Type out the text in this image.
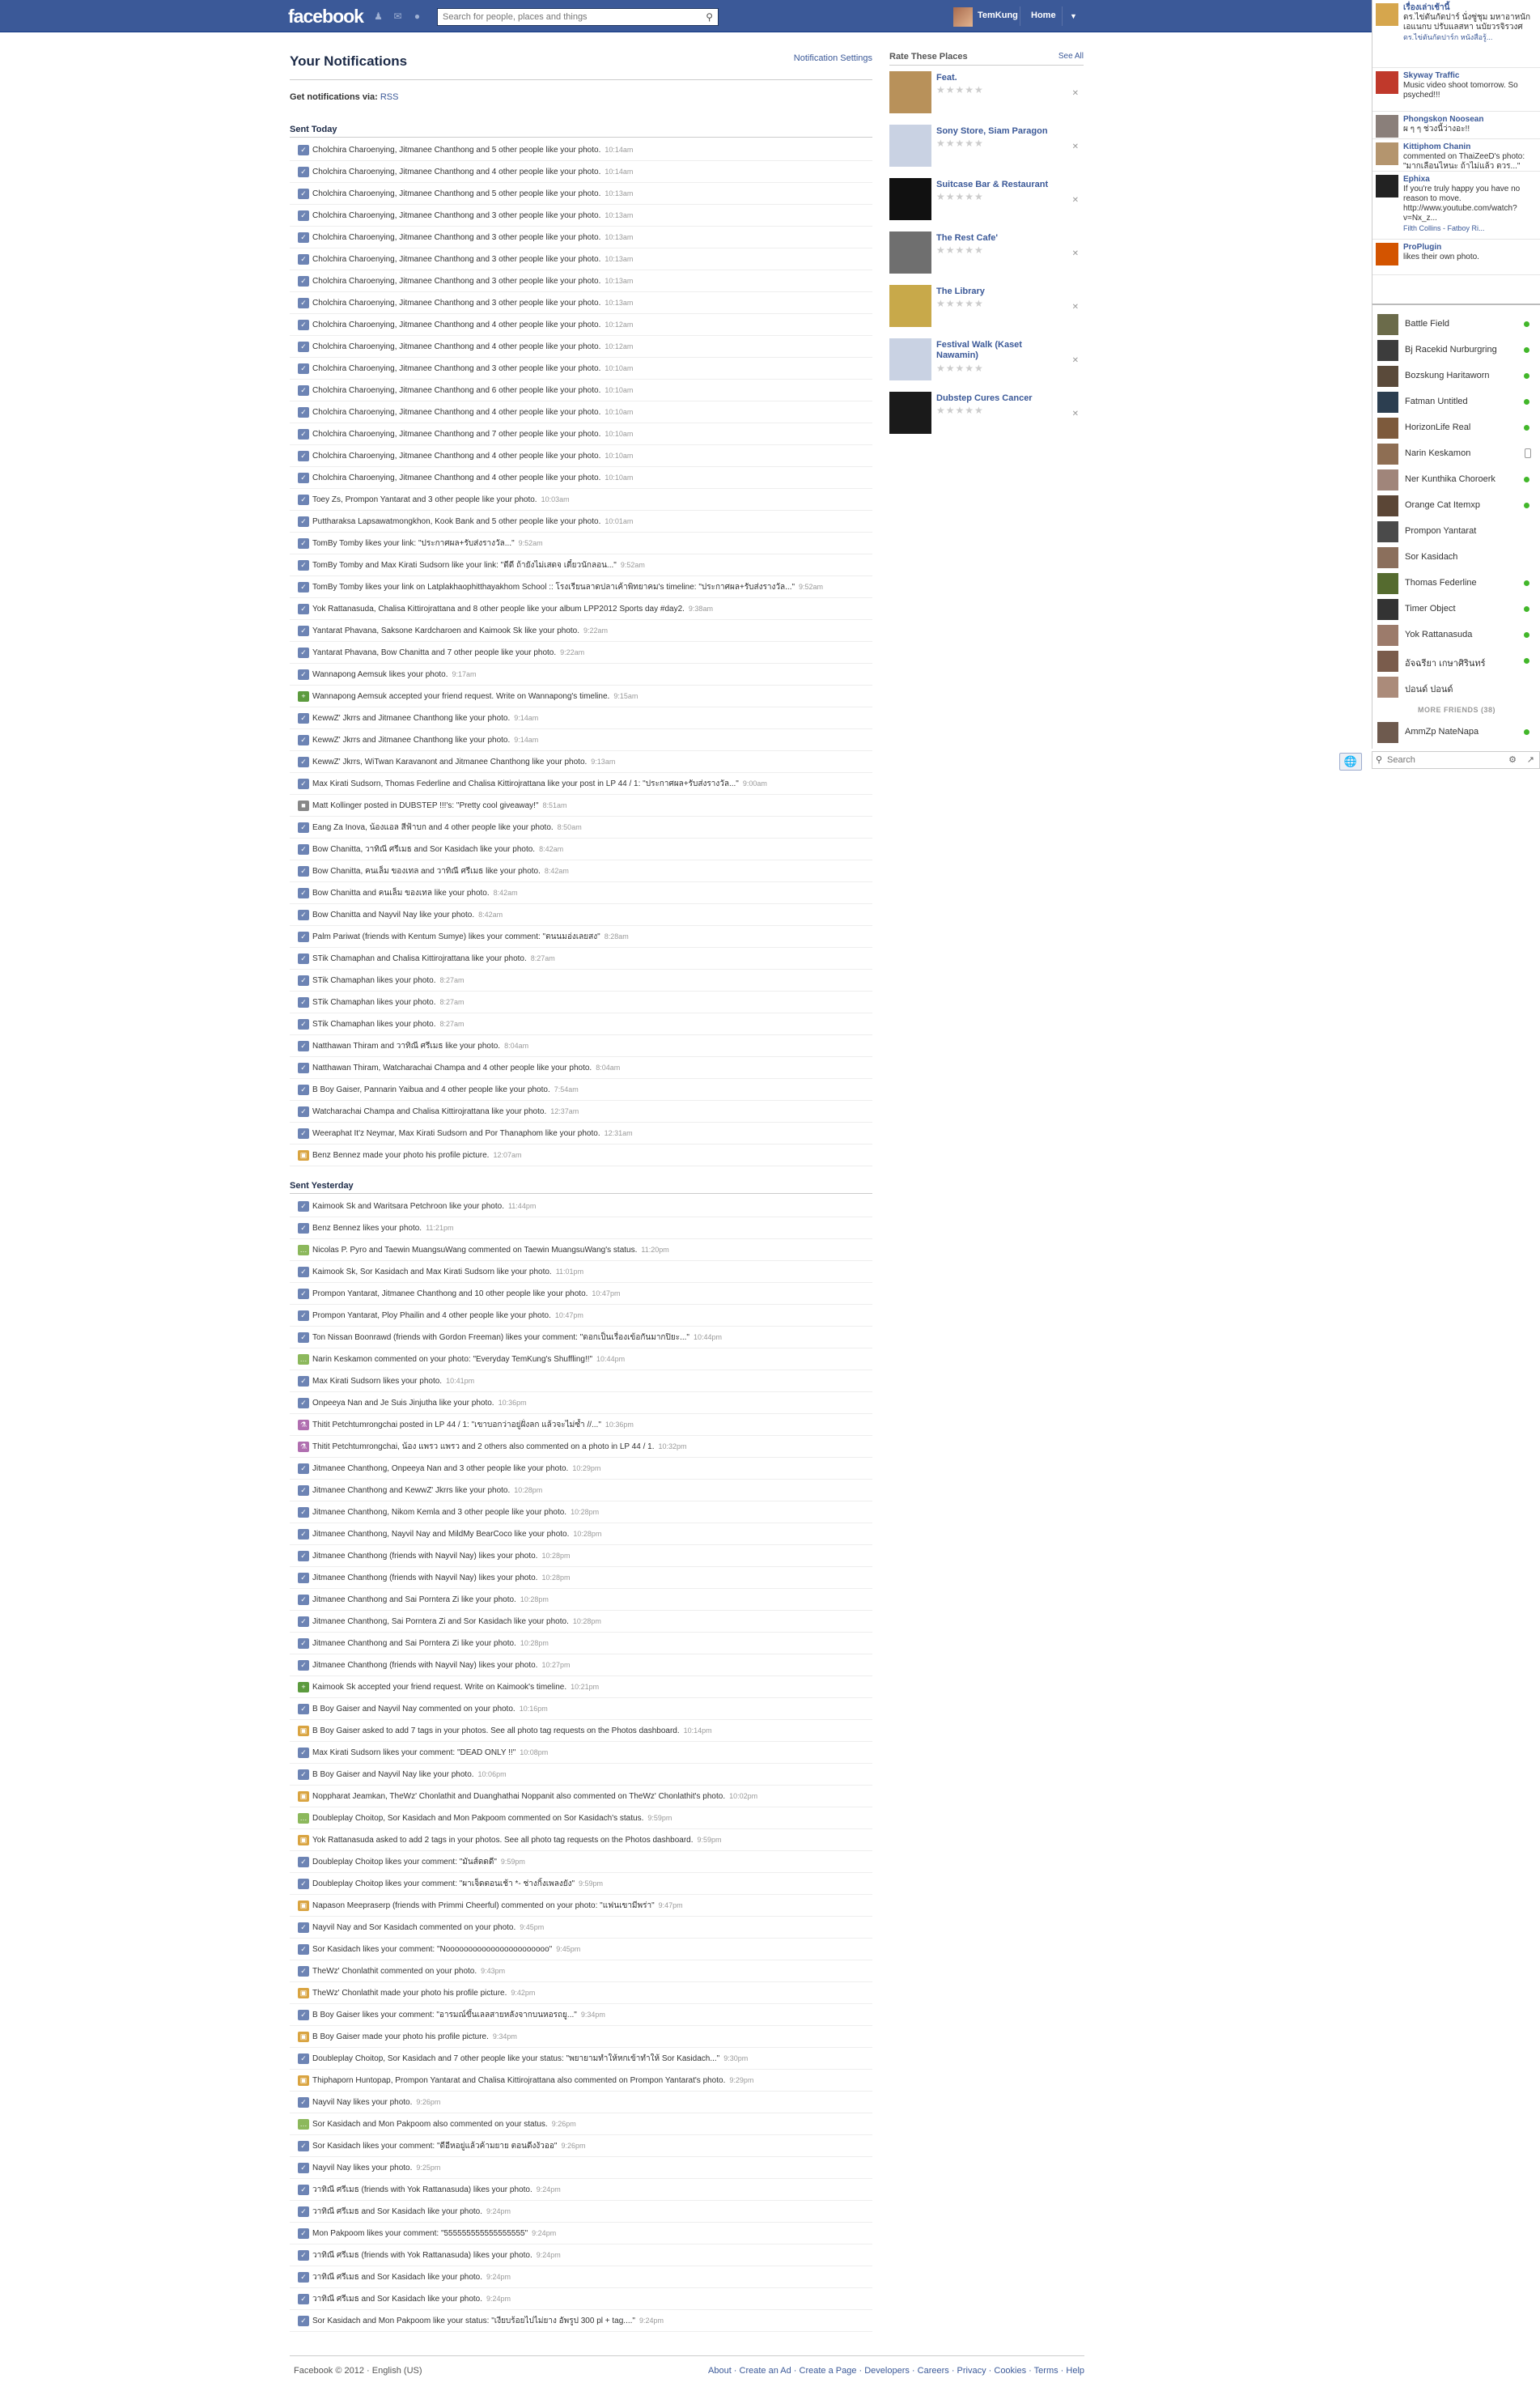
facebook ♟ ✉	●
Search for people, places and things	⚲	TemKung Home ▼
Your Notifications	Notification Settings
Get notifications via: RSS
Sent Today
✓ Cholchira Charoenying, Jitmanee Chanthong and 5 other people like your photo. 10:14am
✓ Cholchira Charoenying, Jitmanee Chanthong and 4 other people like your photo. 10:14am
✓ Cholchira Charoenying, Jitmanee Chanthong and 5 other people like your photo. 10:13am
✓ Cholchira Charoenying, Jitmanee Chanthong and 3 other people like your photo. 10:13am
✓ Cholchira Charoenying, Jitmanee Chanthong and 3 other people like your photo. 10:13am
✓ Cholchira Charoenying, Jitmanee Chanthong and 3 other people like your photo. 10:13am
✓ Cholchira Charoenying, Jitmanee Chanthong and 3 other people like your photo. 10:13am
✓ Cholchira Charoenying, Jitmanee Chanthong and 3 other people like your photo. 10:13am
✓ Cholchira Charoenying, Jitmanee Chanthong and 4 other people like your photo. 10:12am
✓ Cholchira Charoenying, Jitmanee Chanthong and 4 other people like your photo. 10:12am
✓ Cholchira Charoenying, Jitmanee Chanthong and 3 other people like your photo. 10:10am
✓ Cholchira Charoenying, Jitmanee Chanthong and 6 other people like your photo. 10:10am
✓ Cholchira Charoenying, Jitmanee Chanthong and 4 other people like your photo. 10:10am
✓ Cholchira Charoenying, Jitmanee Chanthong and 7 other people like your photo. 10:10am
✓ Cholchira Charoenying, Jitmanee Chanthong and 4 other people like your photo. 10:10am
✓ Cholchira Charoenying, Jitmanee Chanthong and 4 other people like your photo. 10:10am
✓ Toey Zs, Prompon Yantarat and 3 other people like your photo. 10:03am
✓ Puttharaksa Lapsawatmongkhon, Kook Bank and 5 other people like your photo. 10:01am
✓ TomBy Tomby likes your link: "ประกาศผล+รับส่งรางวัล..." 9:52am
✓ TomBy Tomby and Max Kirati Sudsorn like your link: "ดีดี ถ้ายังไม่เสดจ เดี๋ยวนักลอน..." 9:52am
✓ TomBy Tomby likes your link on Latplakhaophitthayakhom School :: โรงเรียนลาดปลาเค้าพิทยาคม's timeline: "ประกาศผล+รับส่งรางวัล..." 9:52am
✓ Yok Rattanasuda, Chalisa Kittirojrattana and 8 other people like your album LPP2012 Sports day #day2. 9:38am
✓ Yantarat Phavana, Saksone Kardcharoen and Kaimook Sk like your photo. 9:22am
✓ Yantarat Phavana, Bow Chanitta and 7 other people like your photo. 9:22am
✓ Wannapong Aemsuk likes your photo. 9:17am
+ Wannapong Aemsuk accepted your friend request. Write on Wannapong's timeline. 9:15am
✓ KewwZ' Jkrrs and Jitmanee Chanthong like your photo. 9:14am
✓ KewwZ' Jkrrs and Jitmanee Chanthong like your photo. 9:14am
✓ KewwZ' Jkrrs, WiTwan Karavanont and Jitmanee Chanthong like your photo. 9:13am
✓ Max Kirati Sudsorn, Thomas Federline and Chalisa Kittirojrattana like your post in LP 44 / 1: "ประกาศผล+รับส่งรางวัล..." 9:00am
■ Matt Kollinger posted in DUBSTEP !!!'s: "Pretty cool giveaway!" 8:51am
✓ Eang Za Inova, น้องแอล สีฟ้าบก and 4 other people like your photo. 8:50am
✓ Bow Chanitta, วาทิณี ศรีเมธ and Sor Kasidach like your photo. 8:42am
✓ Bow Chanitta, คนเล็ม ของเทล and วาทิณี ศรีเมธ like your photo. 8:42am
✓ Bow Chanitta and คนเล็ม ของเทล like your photo. 8:42am
✓ Bow Chanitta and Nayvil Nay like your photo. 8:42am
✓ Palm Pariwat (friends with Kentum Sumye) likes your comment: "ตนนมอ่งเลยสง" 8:28am
✓ STik Chamaphan and Chalisa Kittirojrattana like your photo. 8:27am
✓ STik Chamaphan likes your photo. 8:27am
✓ STik Chamaphan likes your photo. 8:27am
✓ STik Chamaphan likes your photo. 8:27am
✓ Natthawan Thiram and วาทิณี ศรีเมธ like your photo. 8:04am
✓ Natthawan Thiram, Watcharachai Champa and 4 other people like your photo. 8:04am
✓ B Boy Gaiser, Pannarin Yaibua and 4 other people like your photo. 7:54am
✓ Watcharachai Champa and Chalisa Kittirojrattana like your photo. 12:37am
✓ Weeraphat It'z Neymar, Max Kirati Sudsorn and Por Thanaphom like your photo. 12:31am
▣ Benz Bennez made your photo his profile picture. 12:07am
Sent Yesterday
✓ Kaimook Sk and Waritsara Petchroon like your photo. 11:44pm
✓ Benz Bennez likes your photo. 11:21pm
… Nicolas P. Pyro and Taewin MuangsuWang commented on Taewin MuangsuWang's status. 11:20pm
✓ Kaimook Sk, Sor Kasidach and Max Kirati Sudsorn like your photo. 11:01pm
✓ Prompon Yantarat, Jitmanee Chanthong and 10 other people like your photo. 10:47pm
✓ Prompon Yantarat, Ploy Phailin and 4 other people like your photo. 10:47pm
✓ Ton Nissan Boonrawd (friends with Gordon Freeman) likes your comment: "ดอกเป็นเรื่องเข้อกันมากปิยะ..." 10:44pm
… Narin Keskamon commented on your photo: "Everyday TemKung's Shuffling!!" 10:44pm
✓ Max Kirati Sudsorn likes your photo. 10:41pm
✓ Onpeeya Nan and Je Suis Jinjutha like your photo. 10:36pm
⚗ Thitit Petchtumrongchai posted in LP 44 / 1: "เขาบอกว่าอยู่ฝั่งลก แล้วจะไม่ซ้ำ //..." 10:36pm
⚗ Thitit Petchtumrongchai, น้อง แพรว แพรว and 2 others also commented on a photo in LP 44 / 1. 10:32pm
✓ Jitmanee Chanthong, Onpeeya Nan and 3 other people like your photo. 10:29pm
✓ Jitmanee Chanthong and KewwZ' Jkrrs like your photo. 10:28pm
✓ Jitmanee Chanthong, Nikom Kemla and 3 other people like your photo. 10:28pm
✓ Jitmanee Chanthong, Nayvil Nay and MildMy BearCoco like your photo. 10:28pm
✓ Jitmanee Chanthong (friends with Nayvil Nay) likes your photo. 10:28pm
✓ Jitmanee Chanthong (friends with Nayvil Nay) likes your photo. 10:28pm
✓ Jitmanee Chanthong and Sai Porntera Zi like your photo. 10:28pm
✓ Jitmanee Chanthong, Sai Porntera Zi and Sor Kasidach like your photo. 10:28pm
✓ Jitmanee Chanthong and Sai Porntera Zi like your photo. 10:28pm
✓ Jitmanee Chanthong (friends with Nayvil Nay) likes your photo. 10:27pm
+ Kaimook Sk accepted your friend request. Write on Kaimook's timeline. 10:21pm
✓ B Boy Gaiser and Nayvil Nay commented on your photo. 10:16pm
▣ B Boy Gaiser asked to add 7 tags in your photos. See all photo tag requests on the Photos dashboard. 10:14pm
✓ Max Kirati Sudsorn likes your comment: "DEAD ONLY !!" 10:08pm
✓ B Boy Gaiser and Nayvil Nay like your photo. 10:06pm
▣ Noppharat Jeamkan, TheWz' Chonlathit and Duanghathai Noppanit also commented on TheWz' Chonlathit's photo. 10:02pm
… Doubleplay Choitop, Sor Kasidach and Mon Pakpoom commented on Sor Kasidach's status. 9:59pm
▣ Yok Rattanasuda asked to add 2 tags in your photos. See all photo tag requests on the Photos dashboard. 9:59pm
✓ Doubleplay Choitop likes your comment: "มันส์ดดดี" 9:59pm
✓ Doubleplay Choitop likes your comment: "ผาเจ็ดตอนเช้า *- ช่างกิ้งเพลงยัง" 9:59pm
▣ Napason Meepraserp (friends with Primmi Cheerful) commented on your photo: "แฟนเขามีพร่า" 9:47pm
✓ Nayvil Nay and Sor Kasidach commented on your photo. 9:45pm
✓ Sor Kasidach likes your comment: "Nooooooooooooooooooooooo" 9:45pm
✓ TheWz' Chonlathit commented on your photo. 9:43pm
▣ TheWz' Chonlathit made your photo his profile picture. 9:42pm
✓ B Boy Gaiser likes your comment: "อารมณ์ขึ้นเลลสายหลังจากบนหอรถยู..." 9:34pm
▣ B Boy Gaiser made your photo his profile picture. 9:34pm
✓ Doubleplay Choitop, Sor Kasidach and 7 other people like your status: "พยายามทำให้หกเข้าทำให้ Sor Kasidach..." 9:30pm
▣ Thiphaporn Huntopap, Prompon Yantarat and Chalisa Kittirojrattana also commented on Prompon Yantarat's photo. 9:29pm
✓ Nayvil Nay likes your photo. 9:26pm
… Sor Kasidach and Mon Pakpoom also commented on your status. 9:26pm
✓ Sor Kasidach likes your comment: "ดีอีหอยู่แล้วค้ามยาย ตอนดีงงัวออ" 9:26pm
✓ Nayvil Nay likes your photo. 9:25pm
✓ วาทิณี ศรีเมธ (friends with Yok Rattanasuda) likes your photo. 9:24pm
✓ วาทิณี ศรีเมธ and Sor Kasidach like your photo. 9:24pm
✓ Mon Pakpoom likes your comment: "555555555555555555" 9:24pm
✓ วาทิณี ศรีเมธ (friends with Yok Rattanasuda) likes your photo. 9:24pm
✓ วาทิณี ศรีเมธ and Sor Kasidach like your photo. 9:24pm
✓ วาทิณี ศรีเมธ and Sor Kasidach like your photo. 9:24pm
✓ Sor Kasidach and Mon Pakpoom like your status: "เงียบร้อยไปไม่ยาง อัพรูป 300 pl + tag...." 9:24pm
Rate These Places	See All
Feat.
★★★★★	✕
Sony Store, Siam Paragon
★★★★★	✕
Suitcase Bar & Restaurant
★★★★★	✕
The Rest Cafe'
★★★★★	✕
The Library
★★★★★	✕
Festival Walk (Kaset Nawamin)
★★★★★
✕
Dubstep Cures Cancer
★★★★★	✕
Facebook © 2012 · English (US)	About · Create an Ad · Create a Page · Developers · Careers · Privacy · Cookies · Terms · Help
เรื่องเล่าเช้านี้
ดร.ไข่ตันกัดปาร์ นั่งซู่ชุม มหาอาหนักเอแนกบ ปรับแลสหา นบัยวรจิรวงศ
ดร.ไข่ตันกัดปาร์ก หนังสือรู้...
Skyway Traffic
Music video shoot tomorrow. So psyched!!!
Phongskon Noosean
ผ ๆ ๆ ช่วงนี้ว่างอะ!!
Kittiphom Chanin
commented on ThaiZeeD's photo: "มากเลือนไหนะ ถ้าไม่แล้ว ดวร..."
Ephixa
If you're truly happy you have no reason to move. http://www.youtube.com/watch?v=Nx_z...
Filth Collins - Fatboy Ri...
ProPlugin
likes their own photo.
MORE FRIENDS (38)
Battle Field
Bj Racekid Nurburgring
Bozskung Haritaworn
Fatman Untitled
HorizonLife Real
Narin Keskamon
Ner Kunthika Choroerk
Orange Cat Itemxp
Prompon Yantarat
Sor Kasidach
Thomas Federline
Timer Object
Yok Rattanasuda
อัจฉรียา เกษาศิรินทร์
ปอนด์ ปอนด์
AmmZp NateNapa
🌐	⚲
Search	⚙ ↗
